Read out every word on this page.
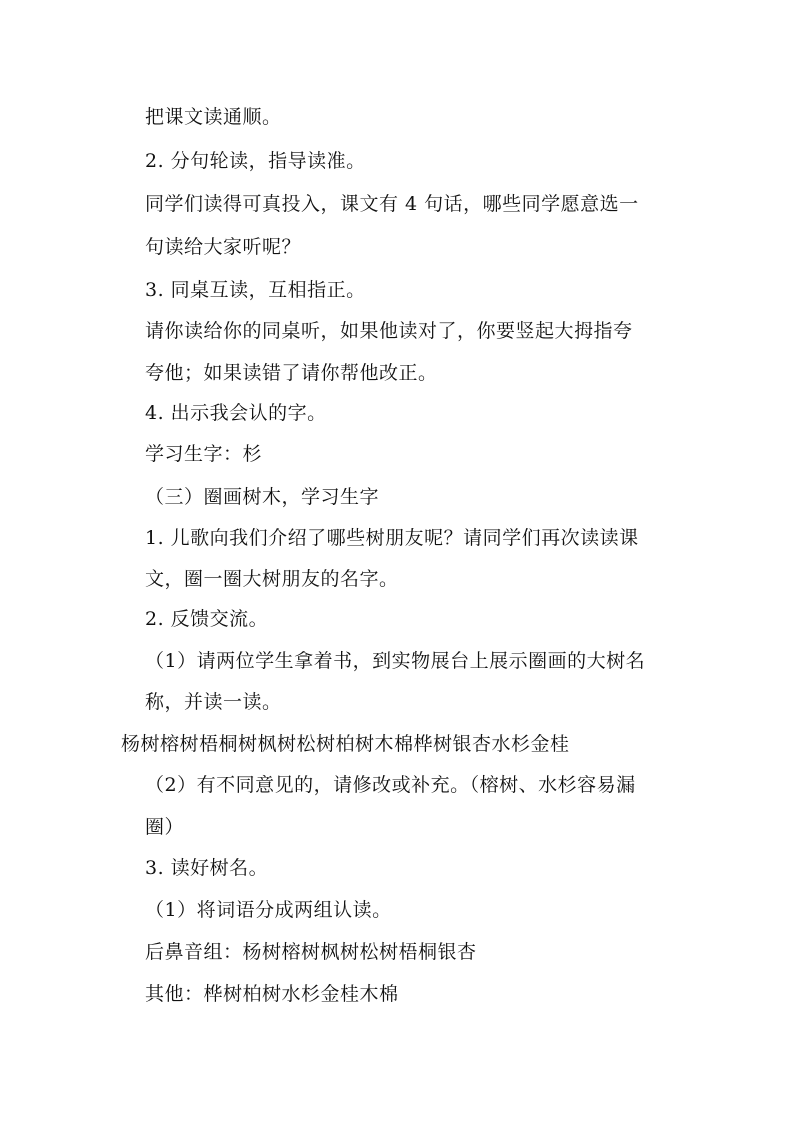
把课文读通顺。
2. 分句轮读，指导读准。
同学们读得可真投入，课文有 4 句话，哪些同学愿意选一
句读给大家听呢？
3. 同桌互读，互相指正。
请你读给你的同桌听，如果他读对了，你要竖起大拇指夸
夸他；如果读错了请你帮他改正。
4. 出示我会认的字。
学习生字：杉
（三）圈画树木，学习生字
1. 儿歌向我们介绍了哪些树朋友呢？请同学们再次读读课
文，圈一圈大树朋友的名字。
2. 反馈交流。
（1）请两位学生拿着书，到实物展台上展示圈画的大树名
称，并读一读。
杨树榕树梧桐树枫树松树柏树木棉桦树银杏水杉金桂
（2）有不同意见的，请修改或补充。（榕树、水杉容易漏
圈）
3. 读好树名。
（1）将词语分成两组认读。
后鼻音组：杨树榕树枫树松树梧桐银杏
其他：桦树柏树水杉金桂木棉
